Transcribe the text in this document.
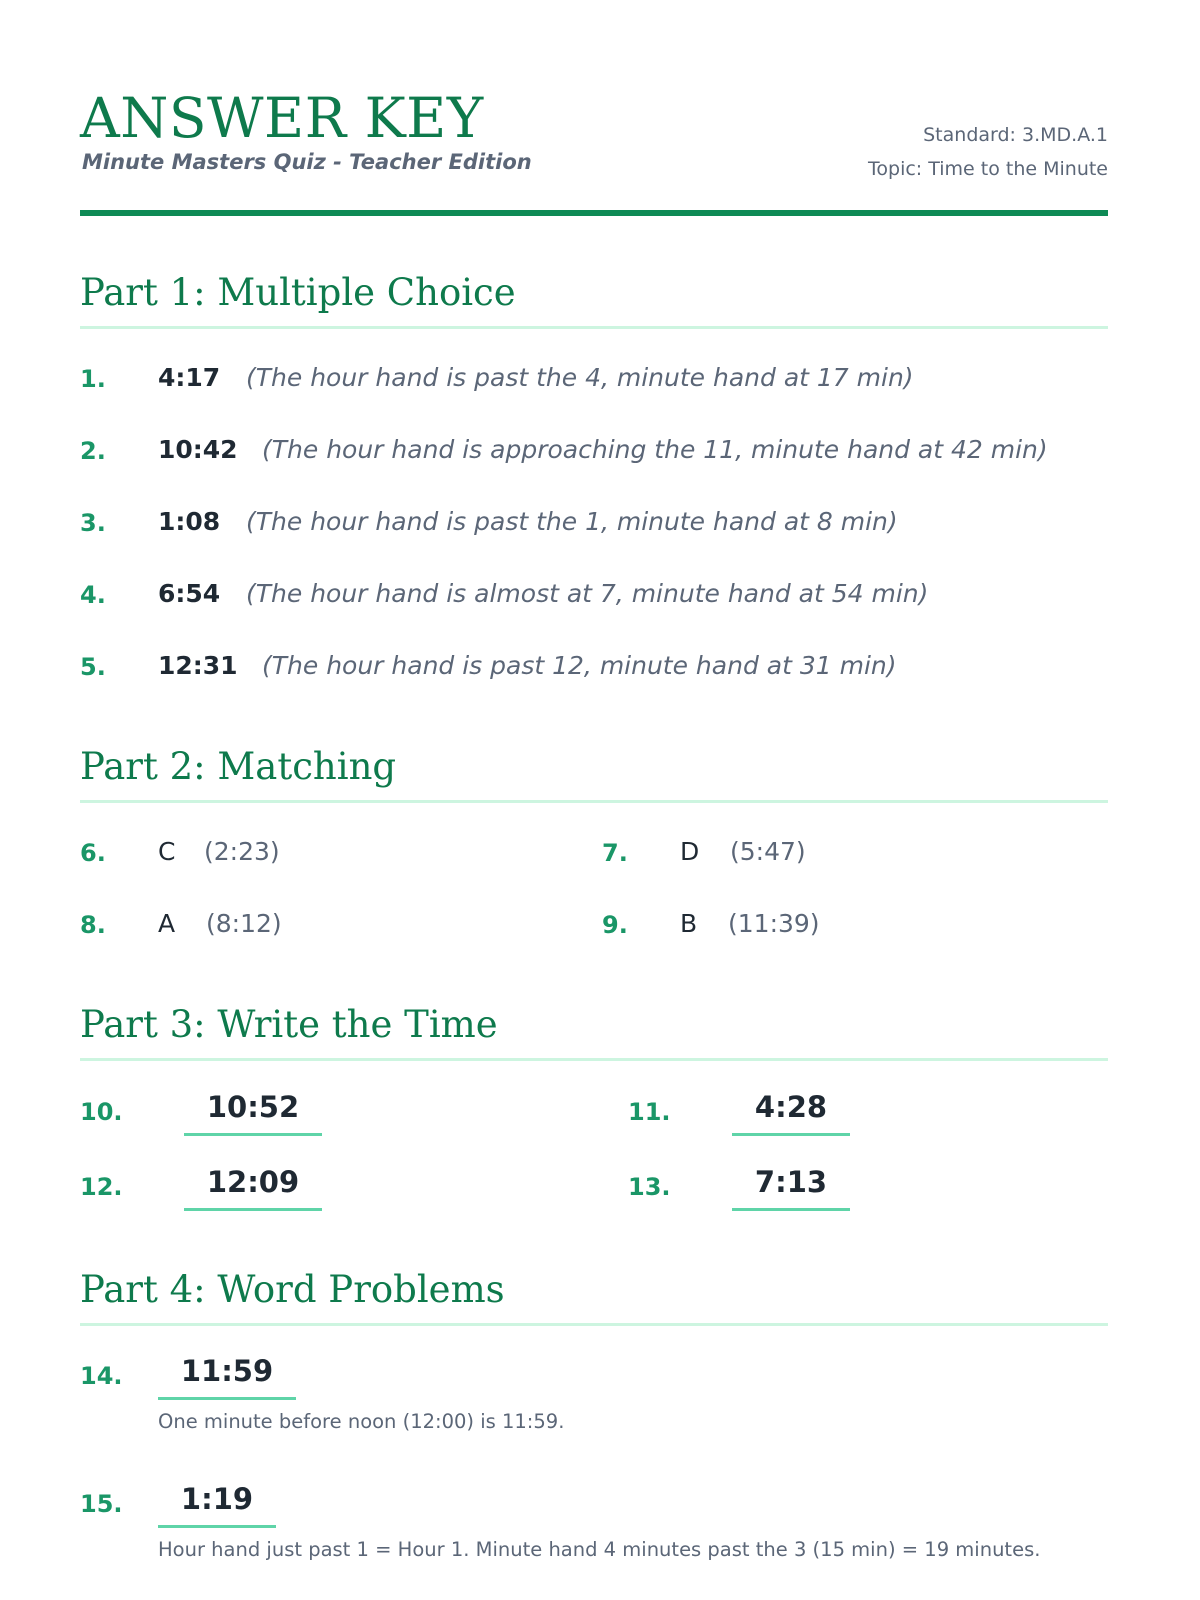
ANSWER KEY
Minute Masters Quiz - Teacher Edition
Standard: 3.MD.A.1
Topic: Time to the Minute
Part 1: Multiple Choice
1. 4:17 (The hour hand is past the 4, minute hand at 17 min)
2. 10:42 (The hour hand is approaching the 11, minute hand at 42 min)
3. 1:08 (The hour hand is past the 1, minute hand at 8 min)
4. 6:54 (The hour hand is almost at 7, minute hand at 54 min)
5. 12:31 (The hour hand is past 12, minute hand at 31 min)
Part 2: Matching
6. C (2:23)	7. D (5:47)
8. A (8:12)	9. B (11:39)
Part 3: Write the Time
10.	10:52	11.	4:28
12.	12:09	13.	7:13
Part 4: Word Problems
14.	11:59
One minute before noon (12:00) is 11:59.
15.	1:19
Hour hand just past 1 = Hour 1. Minute hand 4 minutes past the 3 (15 min) = 19 minutes.
